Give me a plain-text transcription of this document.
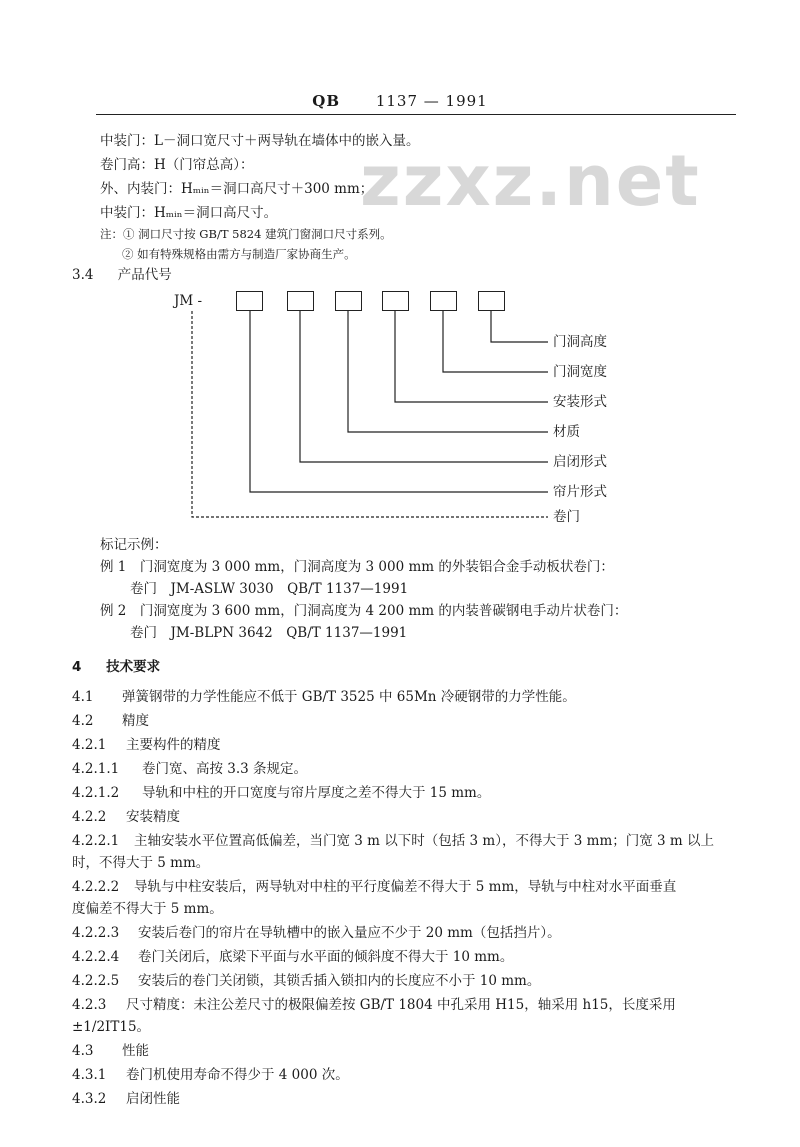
QB 1137 — 1991
zzxz.net
中装门：L－洞口宽尺寸＋两导轨在墙体中的嵌入量。
卷门高：H（门帘总高）：
外、内装门：Hₘᵢₙ＝洞口高尺寸＋300 mm；
中装门：Hₘᵢₙ＝洞口高尺寸。
注：① 洞口尺寸按 GB/T 5824 建筑门窗洞口尺寸系列。
② 如有特殊规格由需方与制造厂家协商生产。
3.4 产品代号
JM -
门洞高度
门洞宽度
安装形式
材质
启闭形式
帘片形式
卷门
标记示例：
例 1　门洞宽度为 3 000 mm，门洞高度为 3 000 mm 的外装铝合金手动板状卷门：
卷门　JM-ASLW 3030　QB/T 1137—1991
例 2　门洞宽度为 3 600 mm，门洞高度为 4 200 mm 的内装普碳钢电手动片状卷门：
卷门　JM-BLPN 3642　QB/T 1137—1991
4 技术要求
4.1 弹簧钢带的力学性能应不低于 GB/T 3525 中 65Mn 冷硬钢带的力学性能。
4.2 精度
4.2.1 主要构件的精度
4.2.1.1 卷门宽、高按 3.3 条规定。
4.2.1.2 导轨和中柱的开口宽度与帘片厚度之差不得大于 15 mm。
4.2.2 安装精度
4.2.2.1 主轴安装水平位置高低偏差，当门宽 3 m 以下时（包括 3 m），不得大于 3 mm；门宽 3 m 以上
时，不得大于 5 mm。
4.2.2.2 导轨与中柱安装后，两导轨对中柱的平行度偏差不得大于 5 mm，导轨与中柱对水平面垂直
度偏差不得大于 5 mm。
4.2.2.3 安装后卷门的帘片在导轨槽中的嵌入量应不少于 20 mm（包括挡片）。
4.2.2.4 卷门关闭后，底梁下平面与水平面的倾斜度不得大于 10 mm。
4.2.2.5 安装后的卷门关闭锁，其锁舌插入锁扣内的长度应不小于 10 mm。
4.2.3 尺寸精度：未注公差尺寸的极限偏差按 GB/T 1804 中孔采用 H15，轴采用 h15，长度采用
±1/2IT15。
4.3 性能
4.3.1 卷门机使用寿命不得少于 4 000 次。
4.3.2 启闭性能
